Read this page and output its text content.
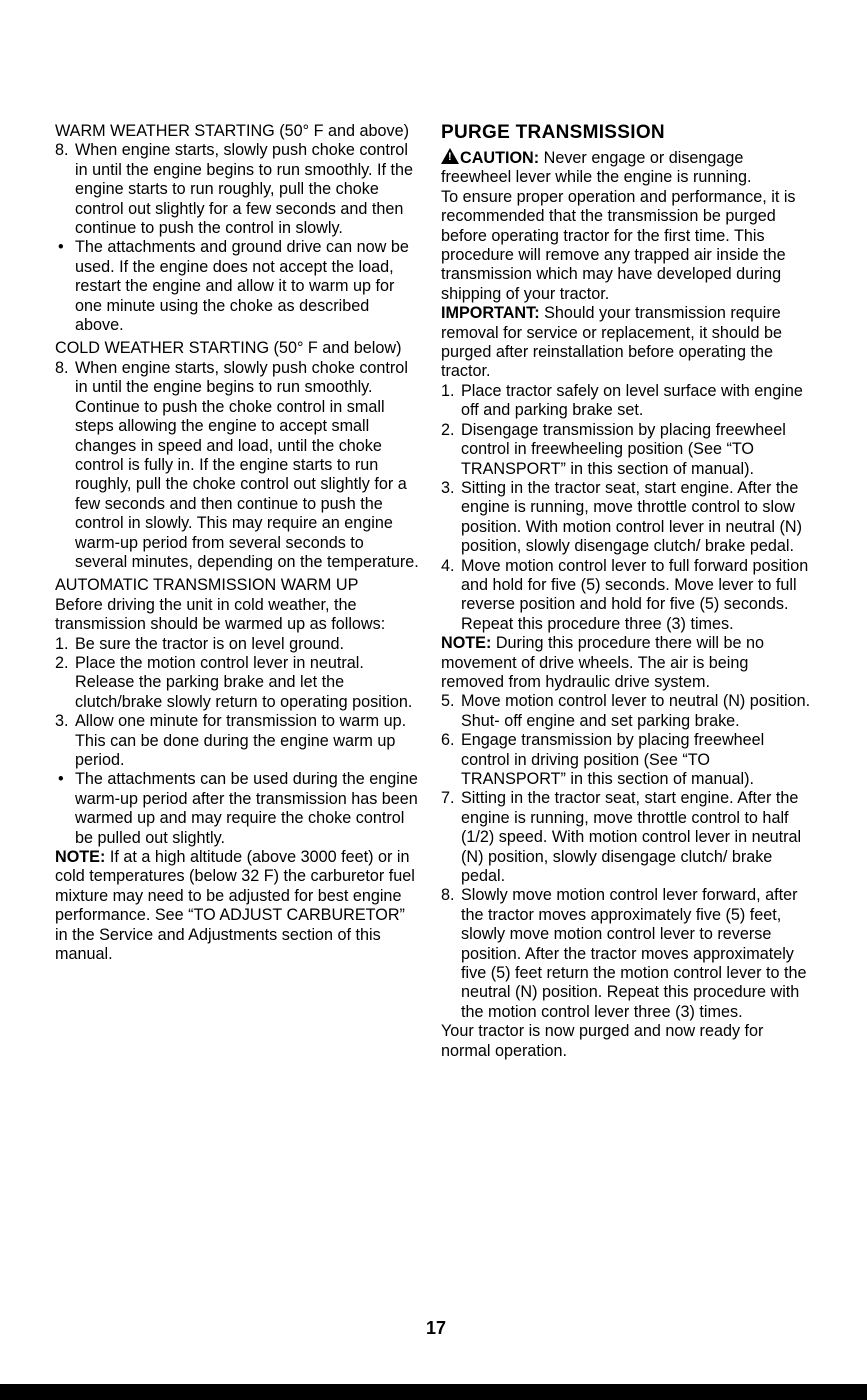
WARM WEATHER STARTING (50° F and above)

8. When engine starts, slowly push choke control in until the engine begins to run smoothly. If the engine starts to run roughly, pull the choke control out slightly for a few seconds and then continue to push the control in slowly.
• The attachments and ground drive can now be used. If the engine does not accept the load, restart the engine and allow it to warm up for one minute using the choke as described above.

COLD WEATHER STARTING (50° F and below)

8. When engine starts, slowly push choke control in until the engine begins to run smoothly. Continue to push the choke control in small steps allowing the engine to accept small changes in speed and load, until the choke control is fully in. If the engine starts to run roughly, pull the choke control out slightly for a few seconds and then continue to push the control in slowly. This may require an engine warm-up period from several seconds to several minutes, depending on the temperature.

AUTOMATIC TRANSMISSION WARM UP

Before driving the unit in cold weather, the transmission should be warmed up as follows:

1. Be sure the tractor is on level ground.
2. Place the motion control lever in neutral. Release the parking brake and let the clutch/brake slowly return to operating position.
3. Allow one minute for transmission to warm up. This can be done during the engine warm up period.
• The attachments can be used during the engine warm-up period after the transmission has been warmed up and may require the choke control be pulled out slightly.

NOTE: If at a high altitude (above 3000 feet) or in cold temperatures (below 32 F) the carburetor fuel mixture may need to be adjusted for best engine performance. See “TO ADJUST CARBURETOR” in the Service and Adjustments section of this manual.

PURGE TRANSMISSION

!CAUTION: Never engage or disengage freewheel lever while the engine is running.

To ensure proper operation and performance, it is recommended that the transmission be purged before operating tractor for the first time. This procedure will remove any trapped air inside the transmission which may have developed during shipping of your tractor.

IMPORTANT: Should your transmission require removal for service or replacement, it should be purged after reinstallation before operating the tractor.

1. Place tractor safely on level surface with engine off and parking brake set.
2. Disengage transmission by placing freewheel control in freewheeling position (See “TO TRANSPORT” in this section of manual).
3. Sitting in the tractor seat, start engine. After the engine is running, move throttle control to slow position. With motion control lever in neutral (N) position, slowly disengage clutch/ brake pedal.
4. Move motion control lever to full forward position and hold for five (5) seconds. Move lever to full reverse position and hold for five (5) seconds. Repeat this procedure three (3) times.

NOTE: During this procedure there will be no movement of drive wheels. The air is being removed from hydraulic drive system.

5. Move motion control lever to neutral (N) position. Shut- off engine and set parking brake.
6. Engage transmission by placing freewheel control in driving position (See “TO TRANSPORT” in this section of manual).
7. Sitting in the tractor seat, start engine. After the engine is running, move throttle control to half (1/2) speed. With motion control lever in neutral (N) position, slowly disengage clutch/ brake pedal.
8. Slowly move motion control lever forward, after the tractor moves approximately five (5) feet, slowly move motion control lever to reverse position. After the tractor moves approximately five (5) feet return the motion control lever to the neutral (N) position. Repeat this procedure with the motion control lever three (3) times.

Your tractor is now purged and now ready for normal operation.

17
